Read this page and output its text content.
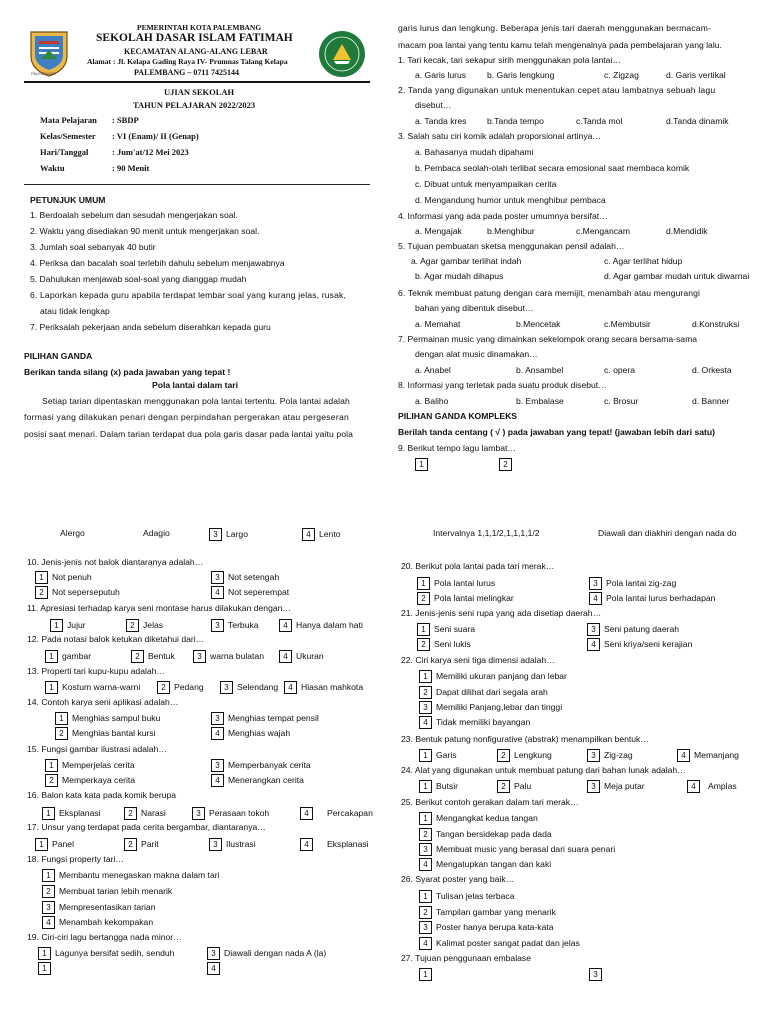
PALEMBANG
PEMERINTAH KOTA PALEMBANG
SEKOLAH DASAR ISLAM FATIMAH
KECAMATAN ALANG-ALANG LEBAR
Alamat : Jl. Kelapa Gading Raya IV- Prumnas Talang Kelapa
PALEMBANG – 0711 7425144
UJIAN SEKOLAH
TAHUN PELAJARAN 2022/2023
Mata Pelajaran : SBDP
Kelas/Semester : VI (Enam)/ II (Genap)
Hari/Tanggal	: Jum'at/12 Mei 2023
Waktu	: 90 Menit
PETUNJUK UMUM
1. Berdoalah sebelum dan sesudah mengerjakan soal.
2. Waktu yang disediakan 90 menit untuk mengerjakan soal.
3. Jumlah soal sebanyak 40 butir
4. Periksa dan bacalah soal terlebih dahulu sebelum menjawabnya
5. Dahulukan menjawab soal-soal yang dianggap mudah
6. Laporkan kepada guru apabila terdapat lembar soal yang kurang jelas, rusak,
atau tidak lengkap
7. Periksalah pekerjaan anda sebelum diserahkan kepada guru
PILIHAN GANDA
Berikan tanda silang (x) pada jawaban yang tepat !
Pola lantai dalam tari
Setiap tarian dipentaskan menggunakan pola lantai tertentu. Pola lantai adalah
formasi yang dilakukan penari dengan perpindahan pergerakan atau pergeseran
posisi saat menari. Dalam tarian terdapat dua pola garis dasar pada lantai yaitu pola
garis lurus dan lengkung. Beberapa jenis tari daerah menggunakan bermacam-
macam poa lantai yang tentu kamu telah mengenalnya pada pembelajaran yang lalu.
1. Tari kecak, tari sekapur sirih menggunakan pola lantai…
a. Garis lurus b. Garis lengkung	c. Zigzag	d. Garis vertikal
2. Tanda yang digunakan untuk menentukan cepet atau lambatnya sebuah lagu
disebut…
a. Tanda kres b.Tanda tempo	c.Tanda mol	d.Tanda dinamik
3. Salah satu ciri komik adalah proporsional artinya…
a. Bahasanya mudah dipahami
b. Pembaca seolah-olah terlibat secara emosional saat membaca komik
c. Dibuat untuk menyampaikan cerita
d. Mengandung humor untuk menghibur pembaca
4. Informasi yang ada pada poster umumnya bersifat…
a. Mengajak	b.Menghibur	c.Mengancam	d.Mendidik
5. Tujuan pembuatan sketsa menggunakan pensil adalah…
a. Agar gambar terlihat indah	c. Agar terlihat hidup
b. Agar mudah dihapus	d. Agar gambar mudah untuk diwarnai
6. Teknik membuat patung dengan cara memijit, menambah atau mengurangi
bahan yang dibentuk disebut…
a. Memahat	b.Mencetak	c.Membutsir	d.Konstruksi
7. Permainan music yang dimainkan sekelompok orang secara bersama-sama
dengan alat music dinamakan…
a. Anabel	b. Ansambel	c. opera	d. Orkesta
8. Informasi yang terletak pada suatu produk disebut…
a. Baliho	b. Embalase	c. Brosur	d. Banner
PILIHAN GANDA KOMPLEKS
Berilah tanda centang ( √ ) pada jawaban yang tepat! (jawaban lebih dari satu)
9. Berikut tempo lagu lambat…
1	2
Alergo	Adagio	3 Largo	4 Lento	Intervalnya 1,1,1/2,1,1,1,1/2	Diawali dan diakhiri dengan nada do
10. Jenis-jenis not balok diantaranya adalah…
1 Not penuh	3 Not setengah
2 Not seperseputuh	4 Not seperempat
11. Apresiasi terhadap karya seni montase harus dilakukan dengan…
1 Jujur	2 Jelas	3 Terbuka	4 Hanya dalam hati
12. Pada notasi balok ketukan diketahui dari…
1 gambar	2 Bentuk	3 warna bulatan	4 Ukuran
13. Properti tari kupu-kupu adalah…
1 Kostum warna-warni	2 Pedang	3 Selendang	4 Hiasan mahkota
14. Contoh karya seni aplikasi adalah…
1 Menghias sampul buku	3 Menghias tempat pensil
2 Menghias bantal kursi	4 Menghias wajah
15. Fungsi gambar ilustrasi adalah…
1 Memperjelas cerita	3 Memperbanyak cerita
2 Memperkaya cerita	4 Menerangkan cerita
16. Balon kata kata pada komik berupa
1 Eksplanasi	2 Narasi	3 Perasaan tokoh	4 Percakapan
17. Unsur yang terdapat pada cerita bergambar, diantaranya…
1 Panel	2 Parit	3 Ilustrasi	4 Eksplanasi
18. Fungsi property tari…
1 Membantu menegaskan makna dalam tari
2 Membuat tarian lebih menarik
3 Mempresentasikan tarian
4 Menambah kekompakan
19. Ciri-ciri lagu bertangga nada minor…
1 Lagunya bersifat sedih, senduh	3 Diawali dengan nada A (la)
1	4
20. Berikut pola lantai pada tari merak…
1 Pola lantai lurus	3 Pola lantai zig-zag
2 Pola lantai melingkar	4 Pola lantai lurus berhadapan
21. Jenis-jenis seni rupa yang ada disetiap daerah…
1 Seni suara	3 Seni patung daerah
2 Seni lukis	4 Seni kriya/seni kerajian
22. Ciri karya seni tiga dimensi adalah…
1 Memiliki ukuran panjang dan lebar
2 Dapat dilihat dari segala arah
3 Memiliki Panjang,lebar dan tinggi
4 Tidak memiliki bayangan
23. Bentuk patung nonfigurative (abstrak) menampilkan bentuk…
1 Garis	2 Lengkung	3 Zig-zag	4 Memanjang
24. Alat yang digunakan untuk membuat patung dari bahan lunak adalah…
1 Butsir	2 Palu	3 Meja putar	4 Amplas
25. Berikut contoh gerakan dalam tari merak…
1 Mengangkat kedua tangan
2 Tangan bersidekap pada dada
3 Membuat music yang berasal dari suara penari
4 Mengatupkan tangan dan kaki
26. Syarat poster yang baik…
1 Tulisan jelas terbaca
2 Tampilan gambar yang menarik
3 Poster hanya berupa kata-kata
4 Kalimat poster sangat padat dan jelas
27. Tujuan penggunaan embalase
1	3
